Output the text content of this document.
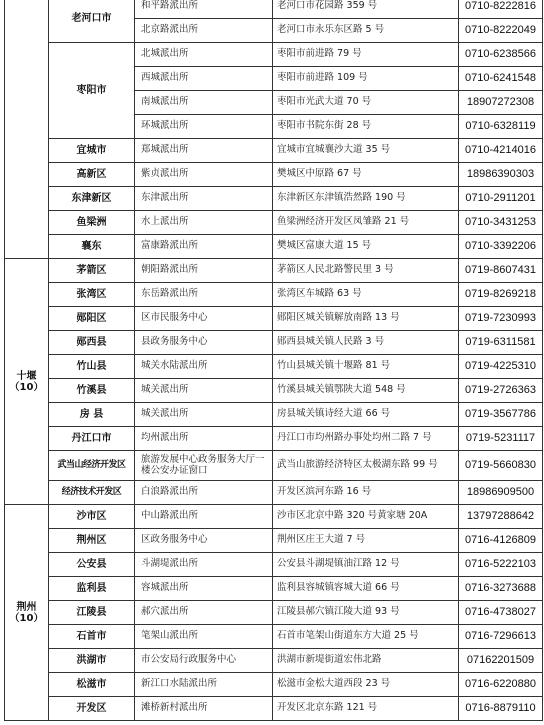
	老河口市	和平路派出所	老河口市花园路 359 号	0710-8222816
		北京路派出所	老河口市永乐东区路 5 号	0710-8222049
	枣阳市	北城派出所	枣阳市前进路 79 号	0710-6238566
		西城派出所	枣阳市前进路 109 号	0710-6241548
		南城派出所	枣阳市光武大道 70 号	18907272308
		环城派出所	枣阳市书院东街 28 号	0710-6328119
	宜城市	郑城派出所	宜城市宜城襄沙大道 35 号	0710-4214016
	高新区	紫贞派出所	樊城区中原路 67 号	18986390303
	东津新区	东津派出所	东津新区东津镇浩然路 190 号	0710-2911201
	鱼梁洲	水上派出所	鱼梁洲经济开发区凤雏路 21 号	0710-3431253
	襄东	富康路派出所	樊城区富康大道 15 号	0710-3392206
十堰
（10）	茅箭区	朝阳路派出所	茅箭区人民北路警民里 3 号	0719-8607431
	张湾区	东岳路派出所	张湾区车城路 63 号	0719-8269218
	郧阳区	区市民服务中心	郧阳区城关镇解放南路 13 号	0719-7230993
	郧西县	县政务服务中心	郧西县城关镇人民路 3 号	0719-6311581
	竹山县	城关水陆派出所	竹山县城关镇十堰路 81 号	0719-4225310
	竹溪县	城关派出所	竹溪县城关镇鄂陕大道 548 号	0719-2726363
	房 县	城关派出所	房县城关镇诗经大道 66 号	0719-3567786
	丹江口市	均州派出所	丹江口市均州路办事处均州二路 7 号	0719-5231117
	武当山经济开发区	旅游发展中心政务服务大厅一楼公安办证窗口	武当山旅游经济特区太极湖东路 99 号	0719-5660830
	经济技术开发区	白浪路派出所	开发区滨河东路 16 号	18986909500
荆州
（10）	沙市区	中山路派出所	沙市区北京中路 320 号黄家塘 20A	13797288642
	荆州区	区政务服务中心	荆州区庄王大道 7 号	0716-4126809
	公安县	斗湖堤派出所	公安县斗湖堤镇油江路 12 号	0716-5222103
	监利县	容城派出所	监利县容城镇容城大道 66 号	0716-3273688
	江陵县	郝穴派出所	江陵县郝穴镇江陵大道 93 号	0716-4738027
	石首市	笔架山派出所	石首市笔架山街道东方大道 25 号	0716-7296613
	洪湖市	市公安局行政服务中心	洪湖市新堤街道宏伟北路	07162201509
	松滋市	新江口水陆派出所	松滋市金松大道西段 23 号	0716-6220880
	开发区	滩桥新村派出所	开发区北京东路 121 号	0716-8879110
